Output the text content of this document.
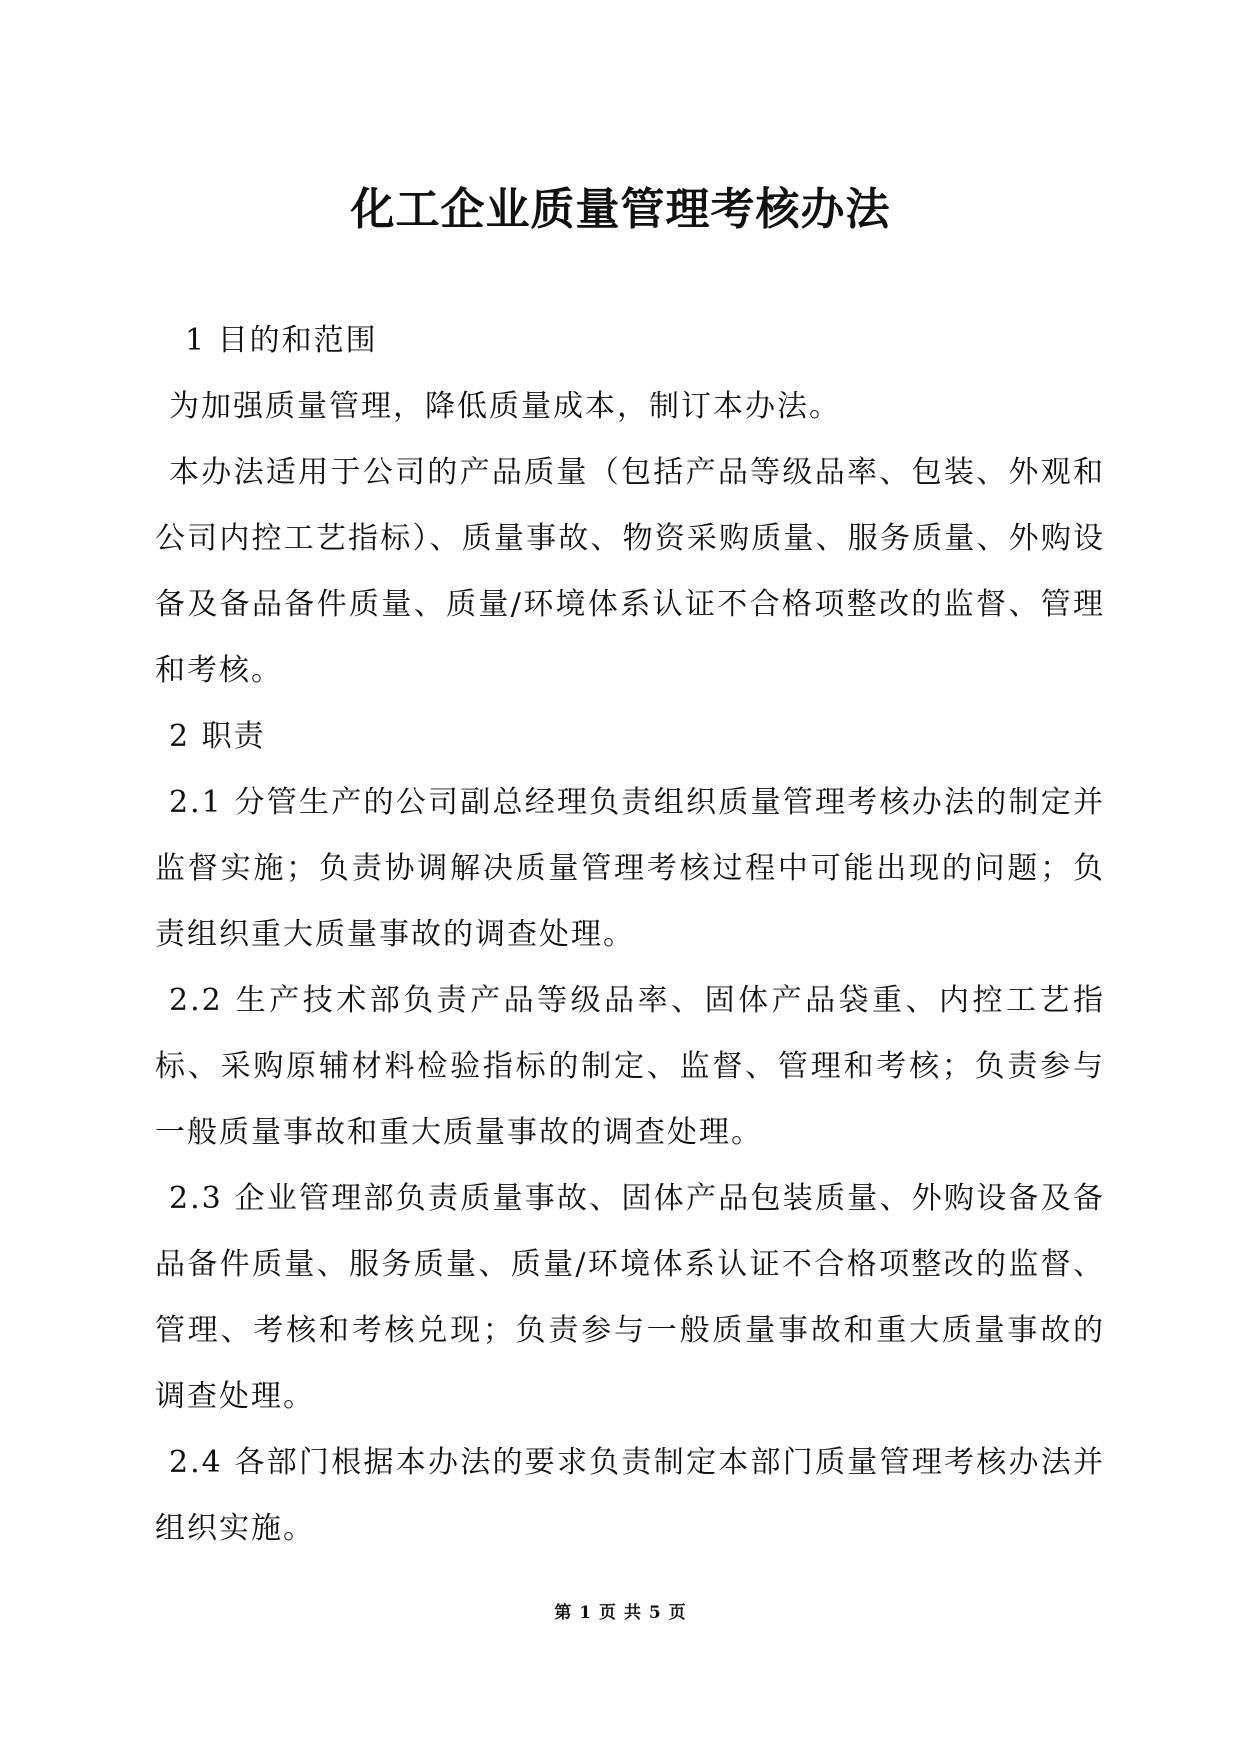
化工企业质量管理考核办法

1 目的和范围

为加强质量管理，降低质量成本，制订本办法。

本办法适用于公司的产品质量（包括产品等级品率、包装、外观和公司内控工艺指标）、质量事故、物资采购质量、服务质量、外购设备及备品备件质量、质量/环境体系认证不合格项整改的监督、管理和考核。

2 职责

2.1 分管生产的公司副总经理负责组织质量管理考核办法的制定并监督实施；负责协调解决质量管理考核过程中可能出现的问题；负责组织重大质量事故的调查处理。

2.2 生产技术部负责产品等级品率、固体产品袋重、内控工艺指标、采购原辅材料检验指标的制定、监督、管理和考核；负责参与一般质量事故和重大质量事故的调查处理。

2.3 企业管理部负责质量事故、固体产品包装质量、外购设备及备品备件质量、服务质量、质量/环境体系认证不合格项整改的监督、管理、考核和考核兑现；负责参与一般质量事故和重大质量事故的调查处理。

2.4 各部门根据本办法的要求负责制定本部门质量管理考核办法并组织实施。

第 1 页 共 5 页
